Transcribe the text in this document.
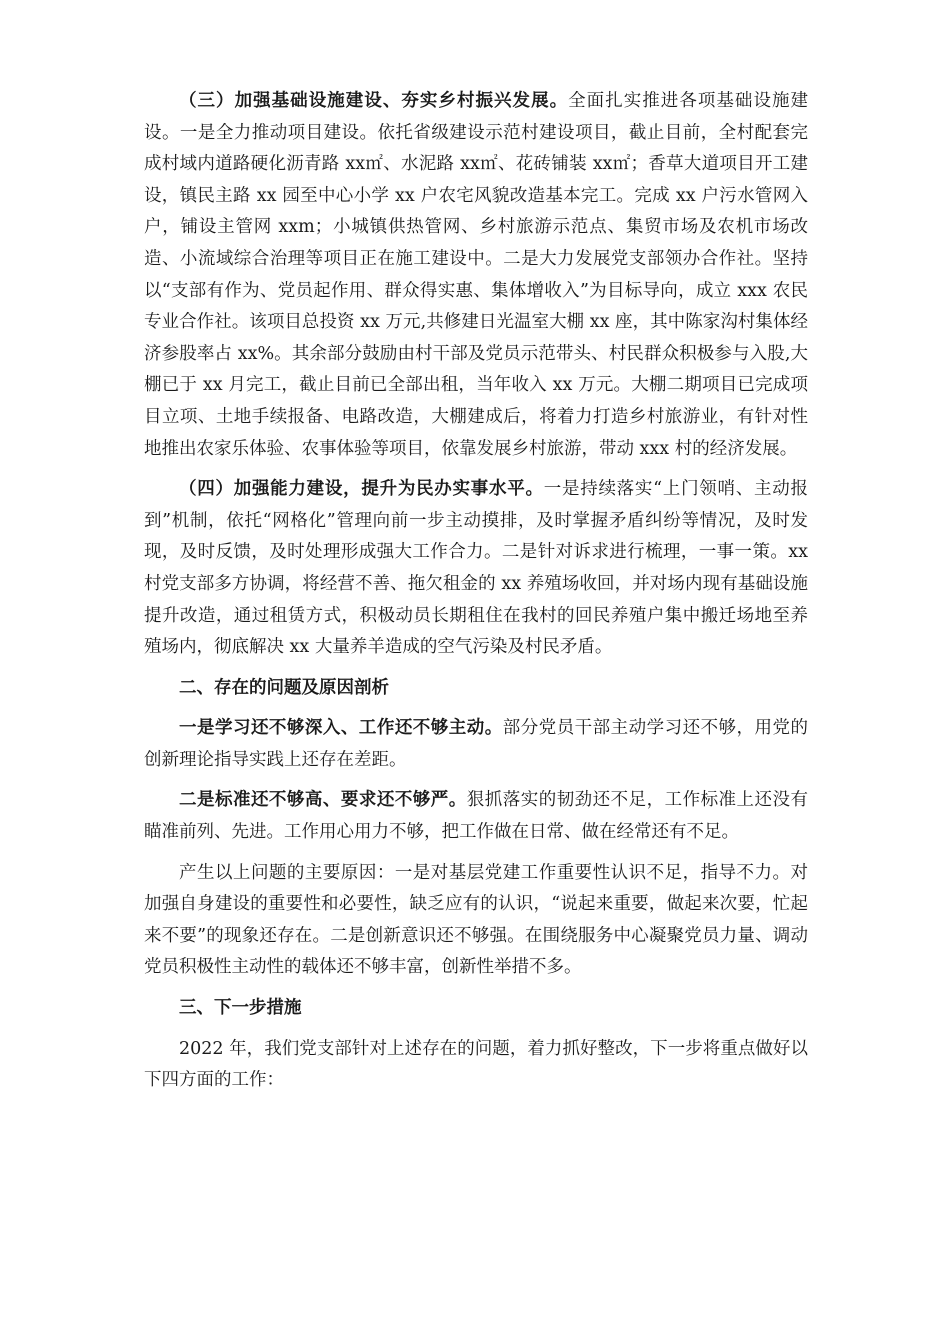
（三）加强基础设施建设、夯实乡村振兴发展。全面扎实推进各项基础设施建设。一是全力推动项目建设。依托省级建设示范村建设项目，截止目前，全村配套完成村域内道路硬化沥青路 xx㎡、水泥路 xx㎡、花砖铺装 xx㎡；香草大道项目开工建设，镇民主路 xx 园至中心小学 xx 户农宅风貌改造基本完工。完成 xx 户污水管网入户，铺设主管网 xxm；小城镇供热管网、乡村旅游示范点、集贸市场及农机市场改造、小流域综合治理等项目正在施工建设中。二是大力发展党支部领办合作社。坚持以“支部有作为、党员起作用、群众得实惠、集体增收入”为目标导向，成立 xxx 农民专业合作社。该项目总投资 xx 万元,共修建日光温室大棚 xx 座，其中陈家沟村集体经济参股率占 xx%。其余部分鼓励由村干部及党员示范带头、村民群众积极参与入股,大棚已于 xx 月完工，截止目前已全部出租，当年收入 xx 万元。大棚二期项目已完成项目立项、土地手续报备、电路改造，大棚建成后，将着力打造乡村旅游业，有针对性地推出农家乐体验、农事体验等项目，依靠发展乡村旅游，带动 xxx 村的经济发展。

（四）加强能力建设，提升为民办实事水平。一是持续落实“上门领哨、主动报到”机制，依托“网格化”管理向前一步主动摸排，及时掌握矛盾纠纷等情况，及时发现，及时反馈，及时处理形成强大工作合力。二是针对诉求进行梳理，一事一策。xx 村党支部多方协调，将经营不善、拖欠租金的 xx 养殖场收回，并对场内现有基础设施提升改造，通过租赁方式，积极动员长期租住在我村的回民养殖户集中搬迁场地至养殖场内，彻底解决 xx 大量养羊造成的空气污染及村民矛盾。

二、存在的问题及原因剖析

一是学习还不够深入、工作还不够主动。部分党员干部主动学习还不够，用党的创新理论指导实践上还存在差距。

二是标准还不够高、要求还不够严。狠抓落实的韧劲还不足，工作标准上还没有瞄准前列、先进。工作用心用力不够，把工作做在日常、做在经常还有不足。

产生以上问题的主要原因：一是对基层党建工作重要性认识不足，指导不力。对加强自身建设的重要性和必要性，缺乏应有的认识，“说起来重要，做起来次要，忙起来不要”的现象还存在。二是创新意识还不够强。在围绕服务中心凝聚党员力量、调动党员积极性主动性的载体还不够丰富，创新性举措不多。

三、下一步措施

2022 年，我们党支部针对上述存在的问题，着力抓好整改，下一步将重点做好以下四方面的工作：
